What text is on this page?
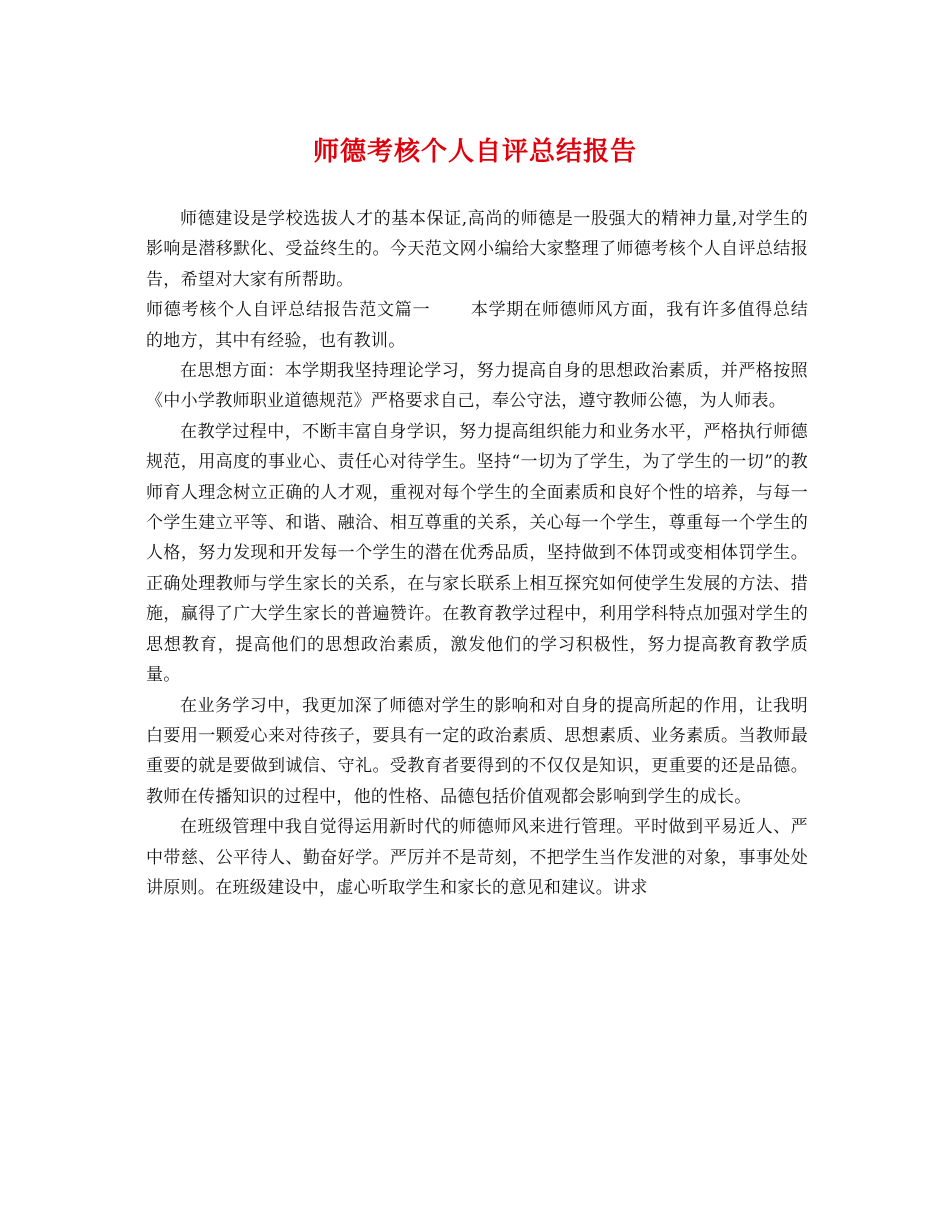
师德考核个人自评总结报告

师德建设是学校选拔人才的基本保证,高尚的师德是一股强大的精神力量,对学生的影响是潜移默化、受益终生的。今天范文网小编给大家整理了师德考核个人自评总结报告，希望对大家有所帮助。

师德考核个人自评总结报告范文篇一 本学期在师德师风方面，我有许多值得总结的地方，其中有经验，也有教训。

在思想方面：本学期我坚持理论学习，努力提高自身的思想政治素质，并严格按照《中小学教师职业道德规范》严格要求自己，奉公守法，遵守教师公德，为人师表。

在教学过程中，不断丰富自身学识，努力提高组织能力和业务水平，严格执行师德规范，用高度的事业心、责任心对待学生。坚持“一切为了学生，为了学生的一切”的教师育人理念树立正确的人才观，重视对每个学生的全面素质和良好个性的培养，与每一个学生建立平等、和谐、融洽、相互尊重的关系，关心每一个学生，尊重每一个学生的人格，努力发现和开发每一个学生的潜在优秀品质，坚持做到不体罚或变相体罚学生。正确处理教师与学生家长的关系，在与家长联系上相互探究如何使学生发展的方法、措施，赢得了广大学生家长的普遍赞许。在教育教学过程中，利用学科特点加强对学生的思想教育，提高他们的思想政治素质，激发他们的学习积极性，努力提高教育教学质量。

在业务学习中，我更加深了师德对学生的影响和对自身的提高所起的作用，让我明白要用一颗爱心来对待孩子，要具有一定的政治素质、思想素质、业务素质。当教师最重要的就是要做到诚信、守礼。受教育者要得到的不仅仅是知识，更重要的还是品德。教师在传播知识的过程中，他的性格、品德包括价值观都会影响到学生的成长。

在班级管理中我自觉得运用新时代的师德师风来进行管理。平时做到平易近人、严中带慈、公平待人、勤奋好学。严厉并不是苛刻，不把学生当作发泄的对象，事事处处讲原则。在班级建设中，虚心听取学生和家长的意见和建议。讲求
